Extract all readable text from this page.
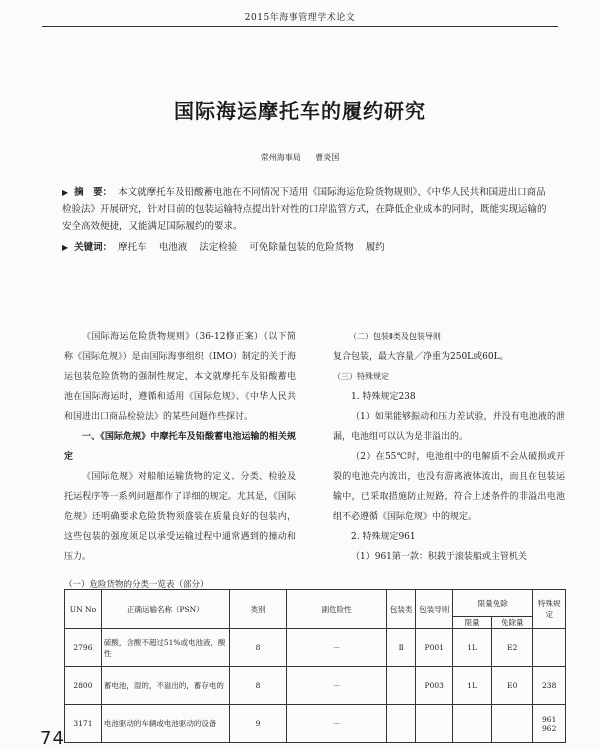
2015年海事管理学术论文
国际海运摩托车的履约研究
常州海事局 曹炎国
▶ 摘　要： 本文就摩托车及铅酸蓄电池在不同情况下适用《国际海运危险货物规则》、《中华人民共和国进出口商品检验法》开展研究，针对目前的包装运输特点提出针对性的口岸监管方式，在降低企业成本的同时，既能实现运输的安全高效便捷，又能满足国际履约的要求。
▶ 关键词： 摩托车 电池液 法定检验 可免除量包装的危险货物 履约

《国际海运危险货物规则》（36-12修正案）（以下简称《国际危规》）是由国际海事组织（IMO）制定的关于海运包装危险货物的强制性规定，本文就摩托车及铅酸蓄电池在国际海运时，遵循和适用《国际危规》、《中华人民共和国进出口商品检验法》的某些问题作些探讨。

一、《国际危规》中摩托车及铅酸蓄电池运输的相关规定

《国际危规》对船舶运输货物的定义、分类、检验及托运程序等一系列问题都作了详细的规定。尤其是，《国际危规》还明确要求危险货物须盛装在质量良好的包装内，这些包装的强度须足以承受运输过程中通常遇到的撞动和压力。

（二）包装Ⅱ类及包装导则

复合包装，最大容量／净重为250L或60L。

（三）特殊规定

1. 特殊规定238

（1）如果能够振动和压力差试验，并没有电池液的泄漏，电池组可以认为是非溢出的。

（2）在55℃时，电池组中的电解质不会从破损或开裂的电池壳内流出，也没有游离液体流出，而且在包装运输中，已采取措施防止短路，符合上述条件的非溢出电池组不必遵循《国际危规》中的规定。

2. 特殊规定961

（1）961第一款：积载于滚装船或主管机关

（一）危险货物的分类一览表（部分）
UN No	正确运输名称（PSN）	类别	副危险性	包装类	包装导则	限量免除		特殊规定
						限量	免除量	
2796	硫酸，含酸不超过51%或电池液，酸性	8	－	Ⅱ	P001	1L	E2	
2800	蓄电池，湿的，不溢出的，蓄存电的	8	－		P003	1L	E0	238
3171	电池驱动的车辆或电池驱动的设备	9	－					961
962
74
